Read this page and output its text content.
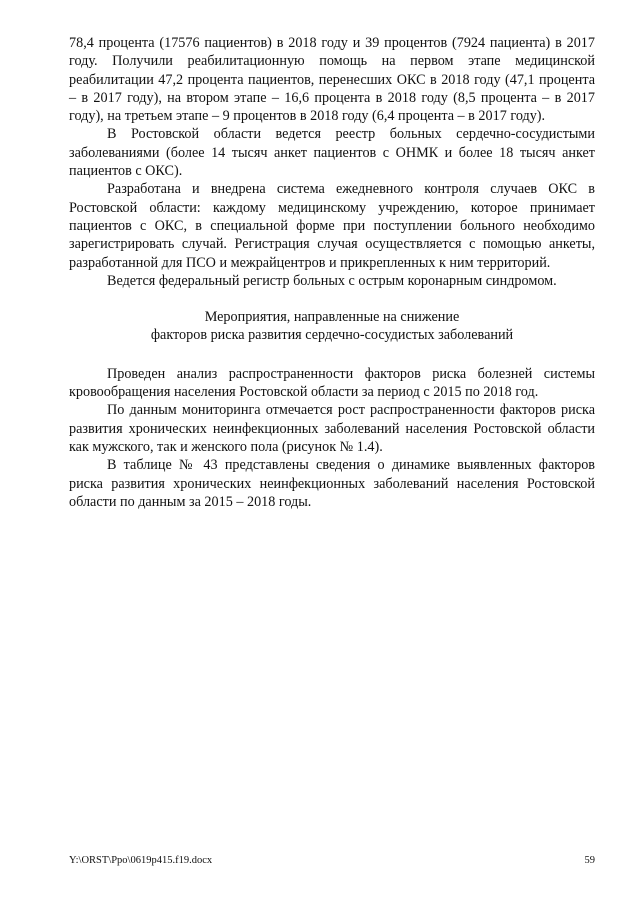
78,4 процента (17576 пациентов) в 2018 году и 39 процентов (7924 пациента) в 2017 году. Получили реабилитационную помощь на первом этапе медицинской реабилитации 47,2 процента пациентов, перенесших ОКС в 2018 году (47,1 процента – в 2017 году), на втором этапе – 16,6 процента в 2018 году (8,5 процента – в 2017 году), на третьем этапе – 9 процентов в 2018 году (6,4 процента – в 2017 году).

В Ростовской области ведется реестр больных сердечно-сосудистыми заболеваниями (более 14 тысяч анкет пациентов с ОНМК и более 18 тысяч анкет пациентов с ОКС).

Разработана и внедрена система ежедневного контроля случаев ОКС в Ростовской области: каждому медицинскому учреждению, которое принимает пациентов с ОКС, в специальной форме при поступлении больного необходимо зарегистрировать случай. Регистрация случая осуществляется с помощью анкеты, разработанной для ПСО и межрайцентров и прикрепленных к ним территорий.

Ведется федеральный регистр больных с острым коронарным синдромом.

Мероприятия, направленные на снижение
факторов риска развития сердечно-сосудистых заболеваний

Проведен анализ распространенности факторов риска болезней системы кровообращения населения Ростовской области за период с 2015 по 2018 год.

По данным мониторинга отмечается рост распространенности факторов риска развития хронических неинфекционных заболеваний населения Ростовской области как мужского, так и женского пола (рисунок № 1.4).

В таблице № 43 представлены сведения о динамике выявленных факторов риска развития хронических неинфекционных заболеваний населения Ростовской области по данным за 2015 – 2018 годы.

Y:\ORST\Ppo\0619p415.f19.docx	59
